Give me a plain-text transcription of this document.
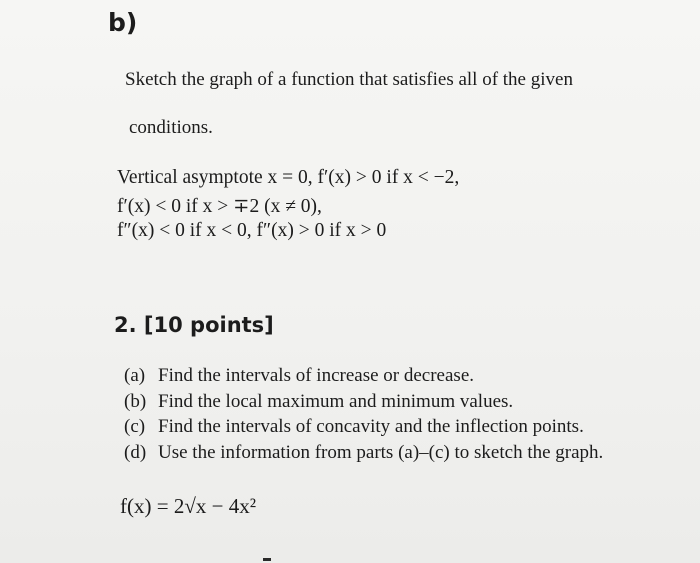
b)
Sketch the graph of a function that satisfies all of the given
conditions.
Vertical asymptote x = 0, f′(x) > 0 if x < −2,
f′(x) < 0 if x > ∓2 (x ≠ 0),
f″(x) < 0 if x < 0, f″(x) > 0 if x > 0
2. [10 points]
(a) Find the intervals of increase or decrease.
(b) Find the local maximum and minimum values.
(c) Find the intervals of concavity and the inflection points.
(d) Use the information from parts (a)–(c) to sketch the graph.
f(x) = 2√x − 4x²
